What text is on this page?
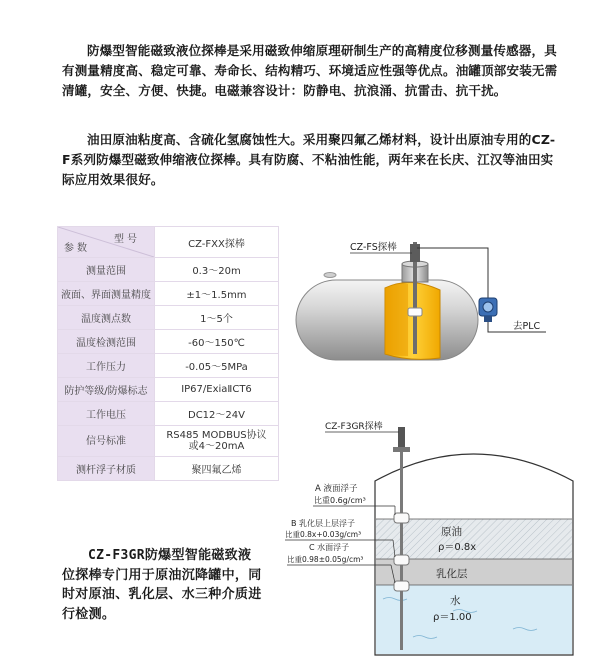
防爆型智能磁致液位探棒是采用磁致伸缩原理研制生产的高精度位移测量传感器，具有测量精度高、稳定可靠、寿命长、结构精巧、环境适应性强等优点。油罐顶部安装无需清罐，安全、方便、快捷。电磁兼容设计：防静电、抗浪涌、抗雷击、抗干扰。

油田原油粘度高、含硫化氢腐蚀性大。采用聚四氟乙烯材料，设计出原油专用的CZ-F系列防爆型磁致伸缩液位探棒。具有防腐、不粘油性能，两年来在长庆、江汉等油田实际应用效果很好。

型号
参数	CZ-FXX探棒
测量范围	0.3～20m
液面、界面测量精度	±1～1.5mm
温度测点数	1～5个
温度检测范围	-60～150℃
工作压力	-0.05～5MPa
防护等级/防爆标志	IP67/ExiaⅡCT6
工作电压	DC12～24V
信号标准	RS485 MODBUS协议
或4～20mA
测杆浮子材质	聚四氟乙烯
CZ-FS探棒
去PLC
CZ-F3GR探棒
A 液面浮子
比重0.6g/cm³
B 乳化层上层浮子
比重0.8x+0.03g/cm³
C 水面浮子
比重0.98±0.05g/cm³
原油
ρ＝0.8x
乳化层
水
ρ＝1.00

CZ-F3GR防爆型智能磁致液位探棒专门用于原油沉降罐中，同时对原油、乳化层、水三种介质进行检测。
